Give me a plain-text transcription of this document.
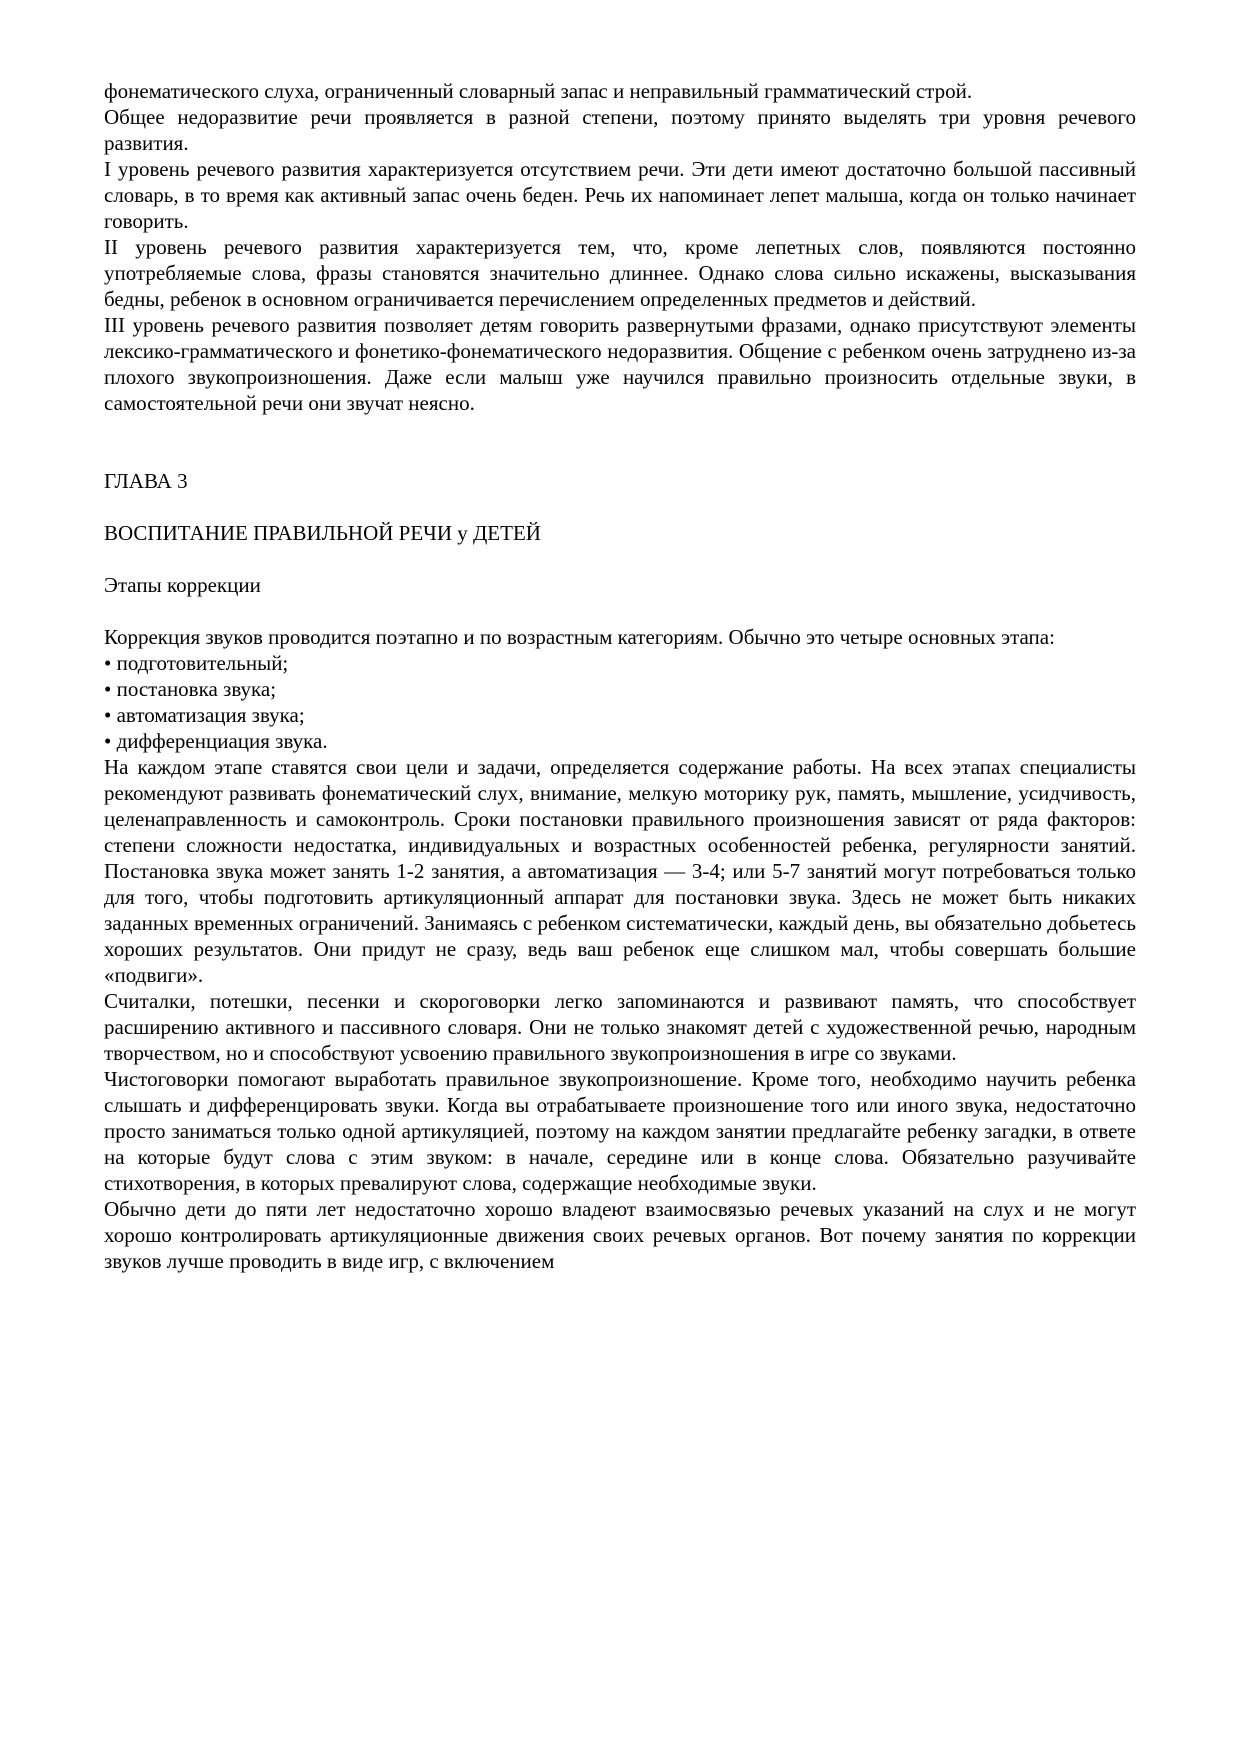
фонематического слуха, ограниченный словарный запас и неправильный грамматический строй.

Общее недоразвитие речи проявляется в разной степени, поэтому принято выделять три уровня речевого развития.

I уровень речевого развития характеризуется отсутствием речи. Эти дети имеют достаточно большой пассивный словарь, в то время как активный запас очень беден. Речь их напоминает лепет малыша, когда он только начинает говорить.

II уровень речевого развития характеризуется тем, что, кроме лепетных слов, появляются постоянно употребляемые слова, фразы становятся значительно длиннее. Однако слова сильно искажены, высказывания бедны, ребенок в основном ограничивается перечислением определенных предметов и действий.

III уровень речевого развития позволяет детям говорить развернутыми фразами, однако присутствуют элементы лексико-грамматического и фонетико-фонематического недоразвития. Общение с ребенком очень затруднено из-за плохого звукопроизношения. Даже если малыш уже научился правильно произносить отдельные звуки, в самостоятельной речи они звучат неясно.

ГЛАВА 3

ВОСПИТАНИЕ ПРАВИЛЬНОЙ РЕЧИ у ДЕТЕЙ

Этапы коррекции

Коррекция звуков проводится поэтапно и по возрастным категориям. Обычно это четыре основных этапа:

• подготовительный;

• постановка звука;

• автоматизация звука;

• дифференциация звука.

На каждом этапе ставятся свои цели и задачи, определяется содержание работы. На всех этапах специалисты рекомендуют развивать фонематический слух, внимание, мелкую моторику рук, память, мышление, усидчивость, целенаправленность и самоконтроль. Сроки постановки правильного произношения зависят от ряда факторов: степени сложности недостатка, индивидуальных и возрастных особенностей ребенка, регулярности занятий. Постановка звука может занять 1-2 занятия, а автоматизация — 3-4; или 5-7 занятий могут потребоваться только для того, чтобы подготовить артикуляционный аппарат для постановки звука. Здесь не может быть никаких заданных временных ограничений. Занимаясь с ребенком систематически, каждый день, вы обязательно добьетесь хороших результатов. Они придут не сразу, ведь ваш ребенок еще слишком мал, чтобы совершать большие «подвиги».

Считалки, потешки, песенки и скороговорки легко запоминаются и развивают память, что способствует расширению активного и пассивного словаря. Они не только знакомят детей с художественной речью, народным творчеством, но и способствуют усвоению правильного звукопроизношения в игре со звуками.

Чистоговорки помогают выработать правильное звукопроизношение. Кроме того, необходимо научить ребенка слышать и дифференцировать звуки. Когда вы отрабатываете произношение того или иного звука, недостаточно просто заниматься только одной артикуляцией, поэтому на каждом занятии предлагайте ребенку загадки, в ответе на которые будут слова с этим звуком: в начале, середине или в конце слова. Обязательно разучивайте стихотворения, в которых превалируют слова, содержащие необходимые звуки.

Обычно дети до пяти лет недостаточно хорошо владеют взаимосвязью речевых указаний на слух и не могут хорошо контролировать артикуляционные движения своих речевых органов. Вот почему занятия по коррекции звуков лучше проводить в виде игр, с включением
